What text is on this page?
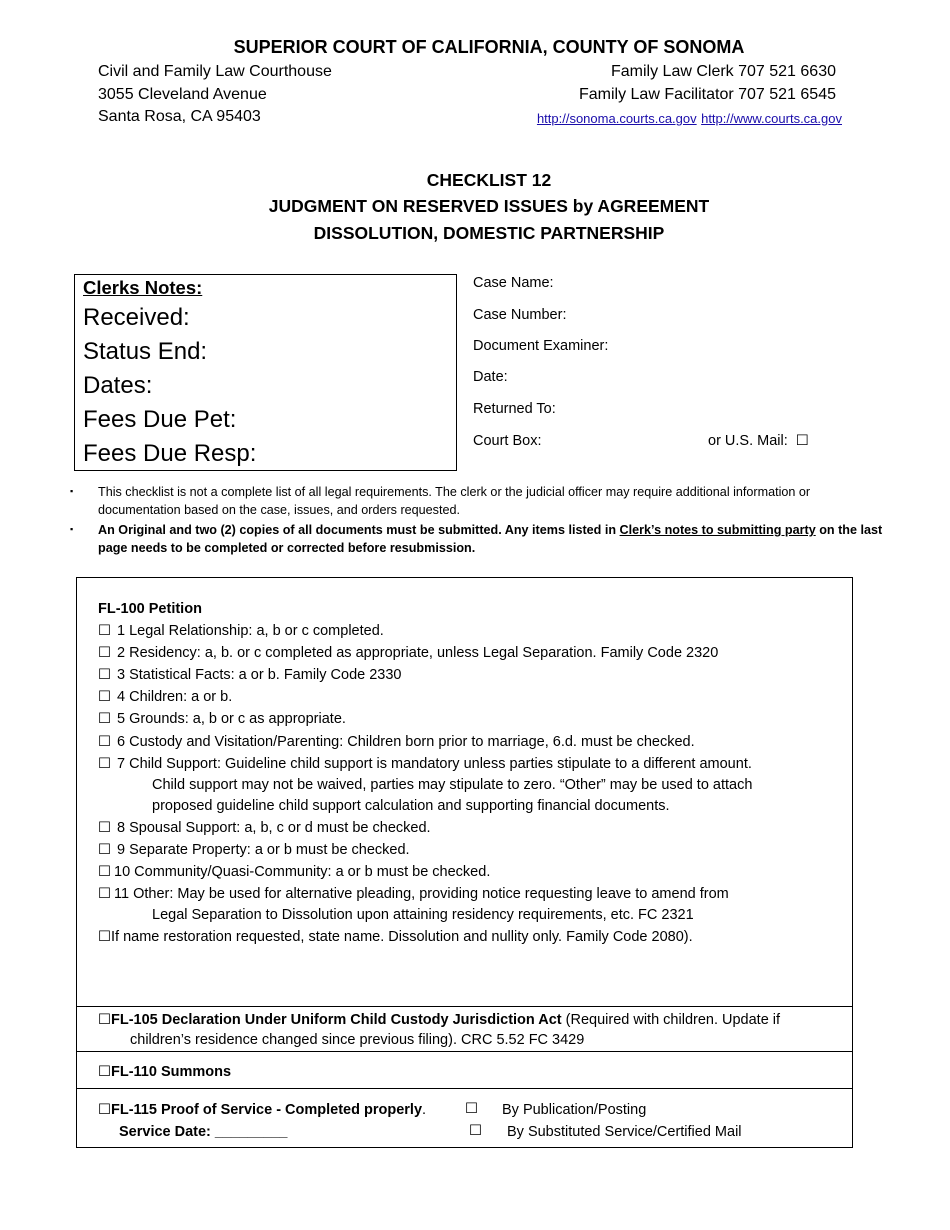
SUPERIOR COURT OF CALIFORNIA, COUNTY OF SONOMA
Civil and Family Law Courthouse
3055 Cleveland Avenue
Santa Rosa, CA 95403
Family Law Clerk 707 521 6630
Family Law Facilitator 707 521 6545
http://sonoma.courts.ca.gov http://www.courts.ca.gov
CHECKLIST 12
JUDGMENT ON RESERVED ISSUES by AGREEMENT
DISSOLUTION, DOMESTIC PARTNERSHIP
Clerks Notes:
Received:
Status End:
Dates:
Fees Due Pet:
Fees Due Resp:
Case Name:
Case Number:
Document Examiner:
Date:
Returned To:
Court Box:	or U.S. Mail: ☐
▪ This checklist is not a complete list of all legal requirements. The clerk or the judicial officer may require additional information or documentation based on the case, issues, and orders requested.
▪ An Original and two (2) copies of all documents must be submitted. Any items listed in Clerk’s notes to submitting party on the last page needs to be completed or corrected before resubmission.
FL-100 Petition
☐ 1 Legal Relationship: a, b or c completed.
☐ 2 Residency: a, b. or c completed as appropriate, unless Legal Separation. Family Code 2320
☐ 3 Statistical Facts: a or b. Family Code 2330
☐ 4 Children: a or b.
☐ 5 Grounds: a, b or c as appropriate.
☐ 6 Custody and Visitation/Parenting: Children born prior to marriage, 6.d. must be checked.
☐ 7 Child Support: Guideline child support is mandatory unless parties stipulate to a different amount.
Child support may not be waived, parties may stipulate to zero. “Other” may be used to attach
proposed guideline child support calculation and supporting financial documents.
☐ 8 Spousal Support: a, b, c or d must be checked.
☐ 9 Separate Property: a or b must be checked.
☐ 10 Community/Quasi-Community: a or b must be checked.
☐ 11 Other: May be used for alternative pleading, providing notice requesting leave to amend from
Legal Separation to Dissolution upon attaining residency requirements, etc. FC 2321
☐If name restoration requested, state name. Dissolution and nullity only. Family Code 2080).
☐FL-105 Declaration Under Uniform Child Custody Jurisdiction Act (Required with children. Update if
children’s residence changed since previous filing). CRC 5.52 FC 3429
☐FL-110 Summons
☐FL-115 Proof of Service - Completed properly.
Service Date: _________
☐ By Publication/Posting
☐ By Substituted Service/Certified Mail
